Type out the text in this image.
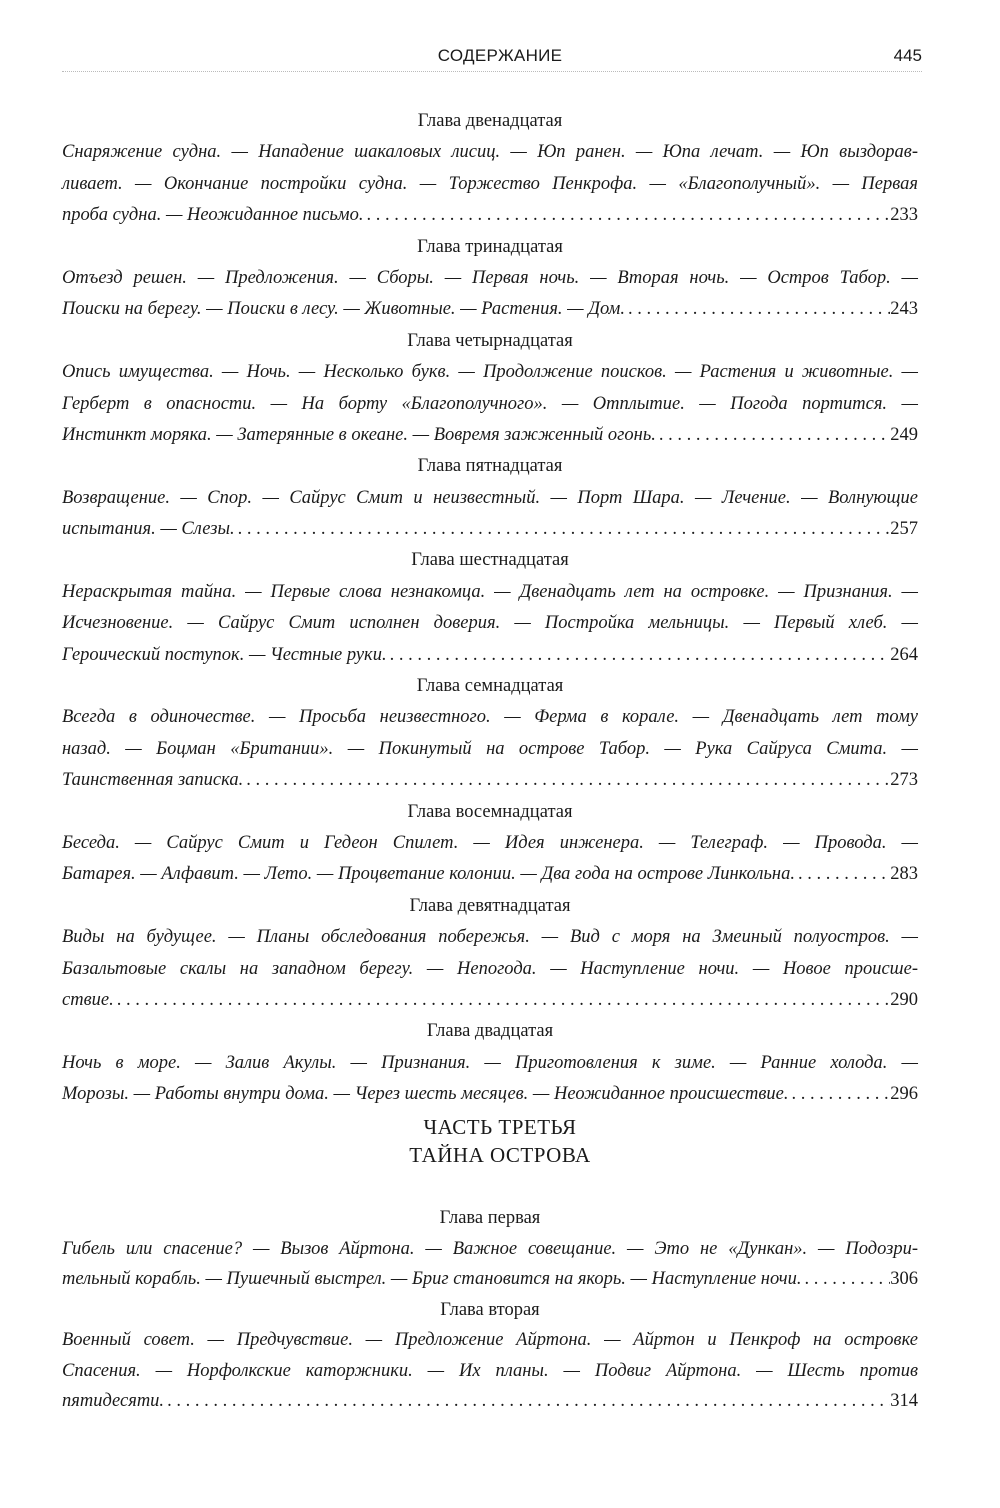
СОДЕРЖАНИЕ	445
Глава двенадцатая
Снаряжение судна. — Нападение шакаловых лисиц. — Юп ранен. — Юпа лечат. — Юп выздорав-
ливает. — Окончание постройки судна. — Торжество Пенкрофа. — «Благополучный». — Первая
проба судна. — Неожиданное письмо. . . .	233
Глава тринадцатая
Отъезд решен. — Предложения. — Сборы. — Первая ночь. — Вторая ночь. — Остров Табор. —
Поиски на берегу. — Поиски в лесу. — Животные. — Растения. — Дом. . . .	243
Глава четырнадцатая
Опись имущества. — Ночь. — Несколько букв. — Продолжение поисков. — Растения и животные. —
Герберт в опасности. — На борту «Благополучного». — Отплытие. — Погода портится. —
Инстинкт моряка. — Затерянные в океане. — Вовремя зажженный огонь. . . .	249
Глава пятнадцатая
Возвращение. — Спор. — Сайрус Смит и неизвестный. — Порт Шара. — Лечение. — Волнующие
испытания. — Слезы. . . .	257
Глава шестнадцатая
Нераскрытая тайна. — Первые слова незнакомца. — Двенадцать лет на островке. — Признания. —
Исчезновение. — Сайрус Смит исполнен доверия. — Постройка мельницы. — Первый хлеб. —
Героический поступок. — Честные руки. . . .	264
Глава семнадцатая
Всегда в одиночестве. — Просьба неизвестного. — Ферма в корале. — Двенадцать лет тому
назад. — Боцман «Британии». — Покинутый на острове Табор. — Рука Сайруса Смита. —
Таинственная записка. . . .	273
Глава восемнадцатая
Беседа. — Сайрус Смит и Гедеон Спилет. — Идея инженера. — Телеграф. — Провода. —
Батарея. — Алфавит. — Лето. — Процветание колонии. — Два года на острове Линкольна. . . .	283
Глава девятнадцатая
Виды на будущее. — Планы обследования побережья. — Вид с моря на Змеиный полуостров. —
Базальтовые скалы на западном берегу. — Непогода. — Наступление ночи. — Новое происше-
ствие. . . .	290
Глава двадцатая
Ночь в море. — Залив Акулы. — Признания. — Приготовления к зиме. — Ранние холода. —
Морозы. — Работы внутри дома. — Через шесть месяцев. — Неожиданное происшествие. . . .	296
ЧАСТЬ ТРЕТЬЯ
ТАЙНА ОСТРОВА
Глава первая
Гибель или спасение? — Вызов Айртона. — Важное совещание. — Это не «Дункан». — Подозри-
тельный корабль. — Пушечный выстрел. — Бриг становится на якорь. — Наступление ночи. . . .	306
Глава вторая
Военный совет. — Предчувствие. — Предложение Айртона. — Айртон и Пенкроф на островке
Спасения. — Норфолкские каторжники. — Их планы. — Подвиг Айртона. — Шесть против
пятидесяти. . . .	314
